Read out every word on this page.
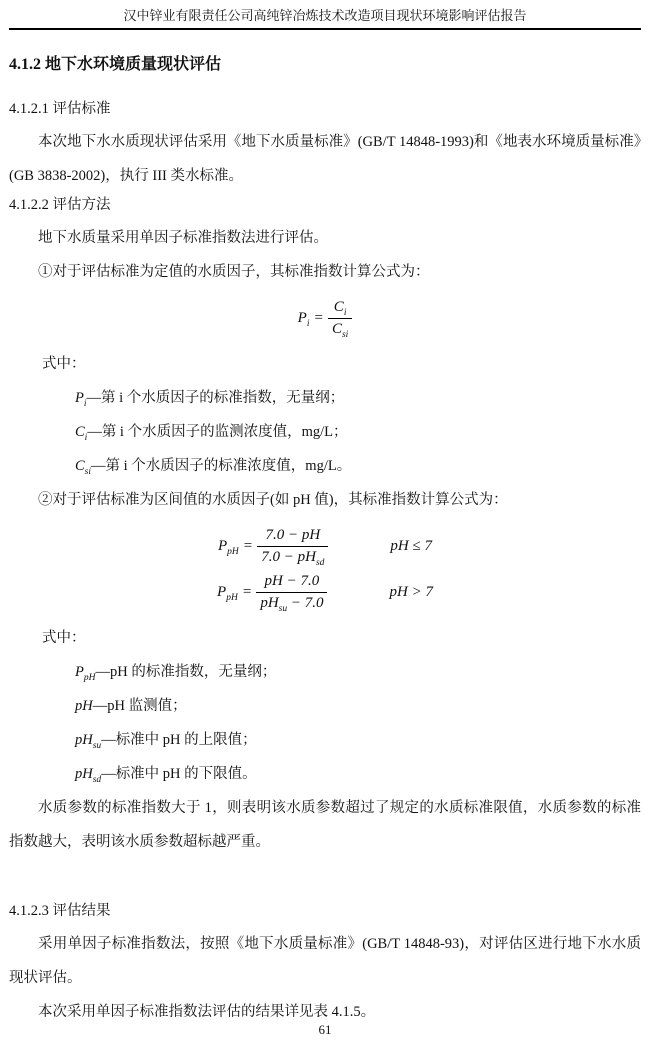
汉中锌业有限责任公司高纯锌冶炼技术改造项目现状环境影响评估报告
4.1.2 地下水环境质量现状评估
4.1.2.1 评估标准

本次地下水水质现状评估采用《地下水质量标准》(GB/T 14848-1993)和《地表水环境质量标准》(GB 3838-2002)，执行 III 类水标准。

4.1.2.2 评估方法

地下水质量采用单因子标准指数法进行评估。

①对于评估标准为定值的水质因子，其标准指数计算公式为：

$P_i = \frac{C_i}{C_{si}}$
式中：
$P_i—$第 i 个水质因子的标准指数，无量纲；
$C_i—$第 i 个水质因子的监测浓度值，mg/L；
$C_{si}—$第 i 个水质因子的标准浓度值，mg/L。

②对于评估标准为区间值的水质因子(如 pH 值)，其标准指数计算公式为：

$P_{pH} = \frac{7.0 - pH}{7.0 - pH_{sd}}$	pH ≤ 7
$P_{pH} = \frac{pH - 7.0}{pH_{su} - 7.0}$	pH > 7
式中：
$P_{pH}—pH$ 的标准指数，无量纲；
pH—pH 监测值；
$pH_{su}—$标准中 pH 的上限值；
$pH_{sd}—$标准中 pH 的下限值。

水质参数的标准指数大于 1，则表明该水质参数超过了规定的水质标准限值，水质参数的标准指数越大，表明该水质参数超标越严重。

4.1.2.3 评估结果

采用单因子标准指数法，按照《地下水质量标准》(GB/T 14848-93)，对评估区进行地下水水质现状评估。

本次采用单因子标准指数法评估的结果详见表 4.1.5。

61
